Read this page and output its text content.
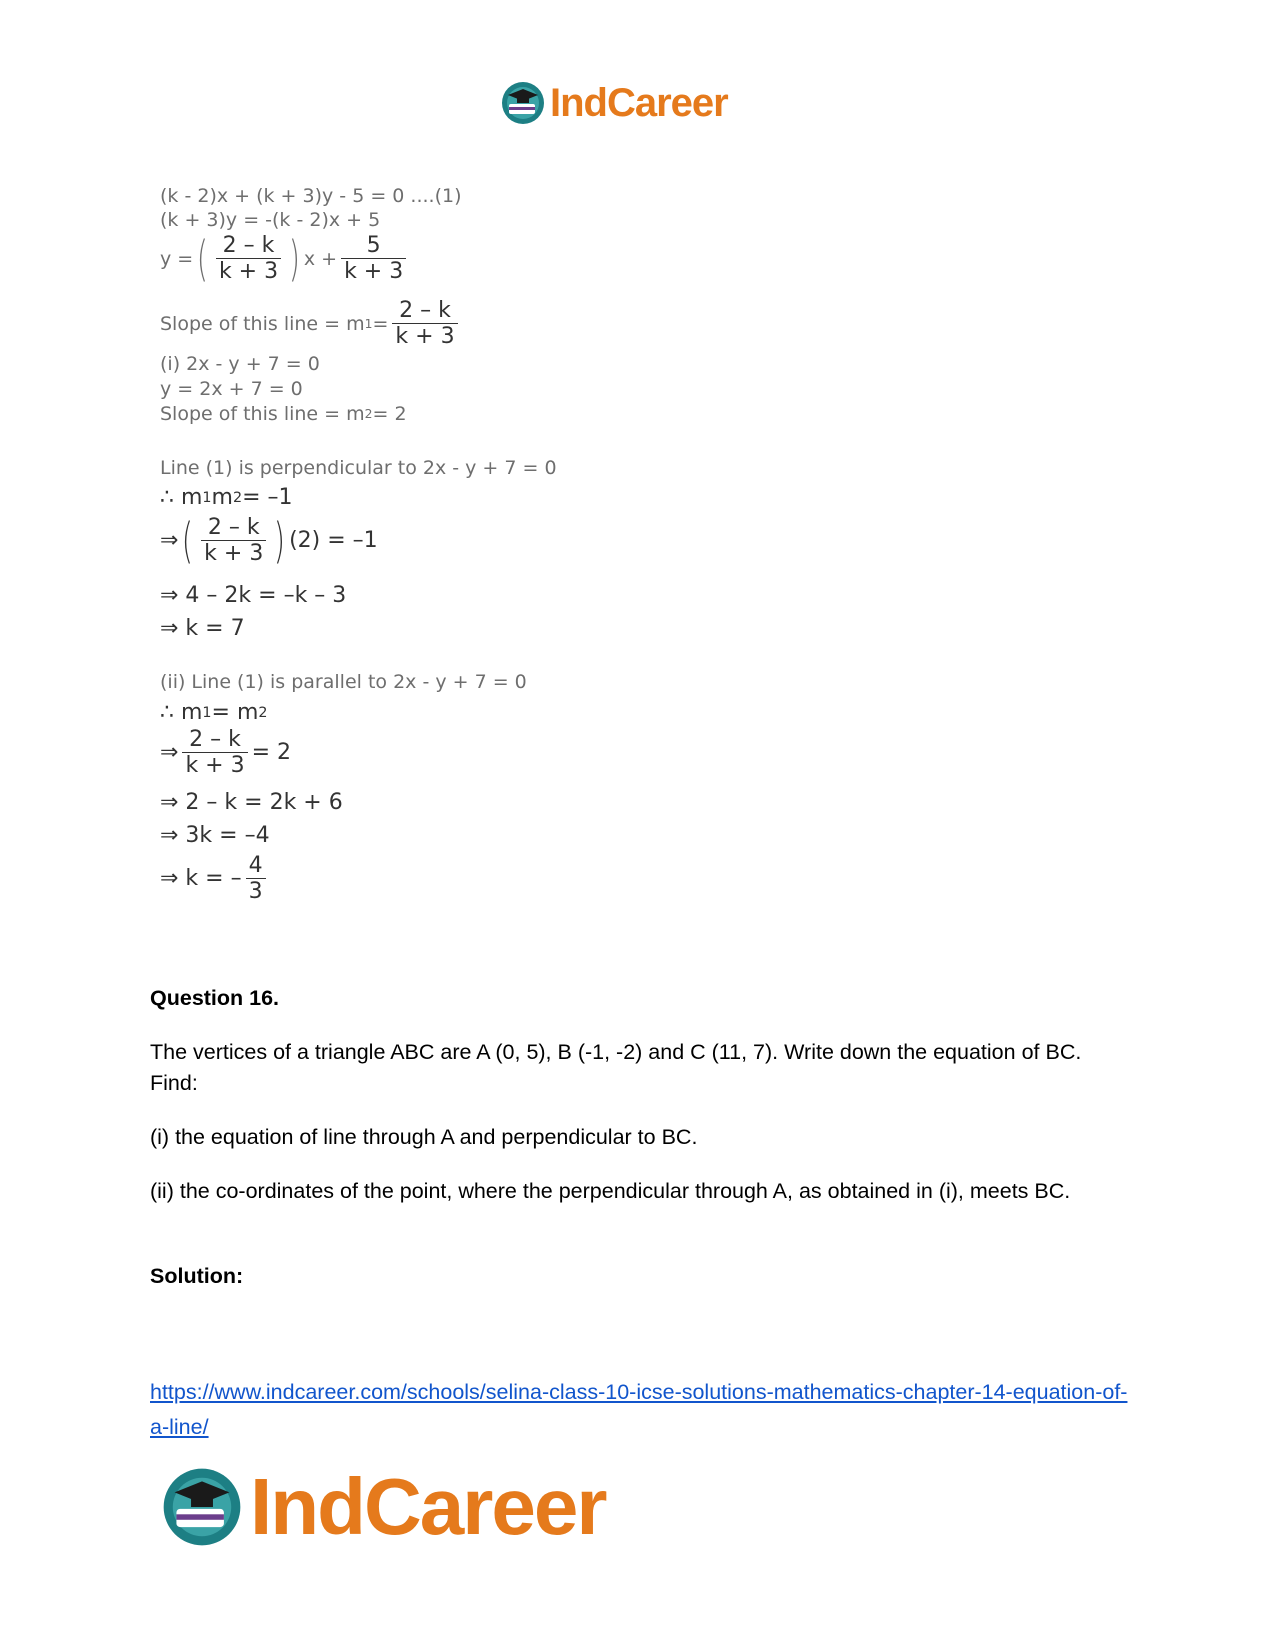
IndCareer
(k - 2)x + (k + 3)y - 5 = 0 ....(1)
(k + 3)y = -(k - 2)x + 5
y = ( $\frac{2 - k}{k + 3}$ ) $x + \frac{5}{k + 3}$
Slope of this line = m $1 = \frac{2 - k}{k + 3}$
(i) 2x - y + 7 = 0
y = 2x + 7 = 0
Slope of this line = m 2 = 2
Line (1) is perpendicular to 2x - y + 7 = 0
∴ m 1 m 2 = –1
⇒ ( $\frac{2 - k}{k + 3}$ ) (2) = –1
⇒ 4 – 2k = –k – 3
⇒ k = 7
(ii) Line (1) is parallel to 2x - y + 7 = 0
∴ m 1 = m 2
⇒ $\frac{2 - k}{k + 3} = 2$
⇒ 2 – k = 2k + 6
⇒ 3k = –4
⇒ k = – $\frac{4}{3}$
Question 16.
The vertices of a triangle ABC are A (0, 5), B (-1, -2) and C (11, 7). Write down the equation of BC. Find:
(i) the equation of line through A and perpendicular to BC.
(ii) the co-ordinates of the point, where the perpendicular through A, as obtained in (i), meets BC.
Solution:
https://www.indcareer.com/schools/selina-class-10-icse-solutions-mathematics-chapter-14-equation-of-a-line/
IndCareer
